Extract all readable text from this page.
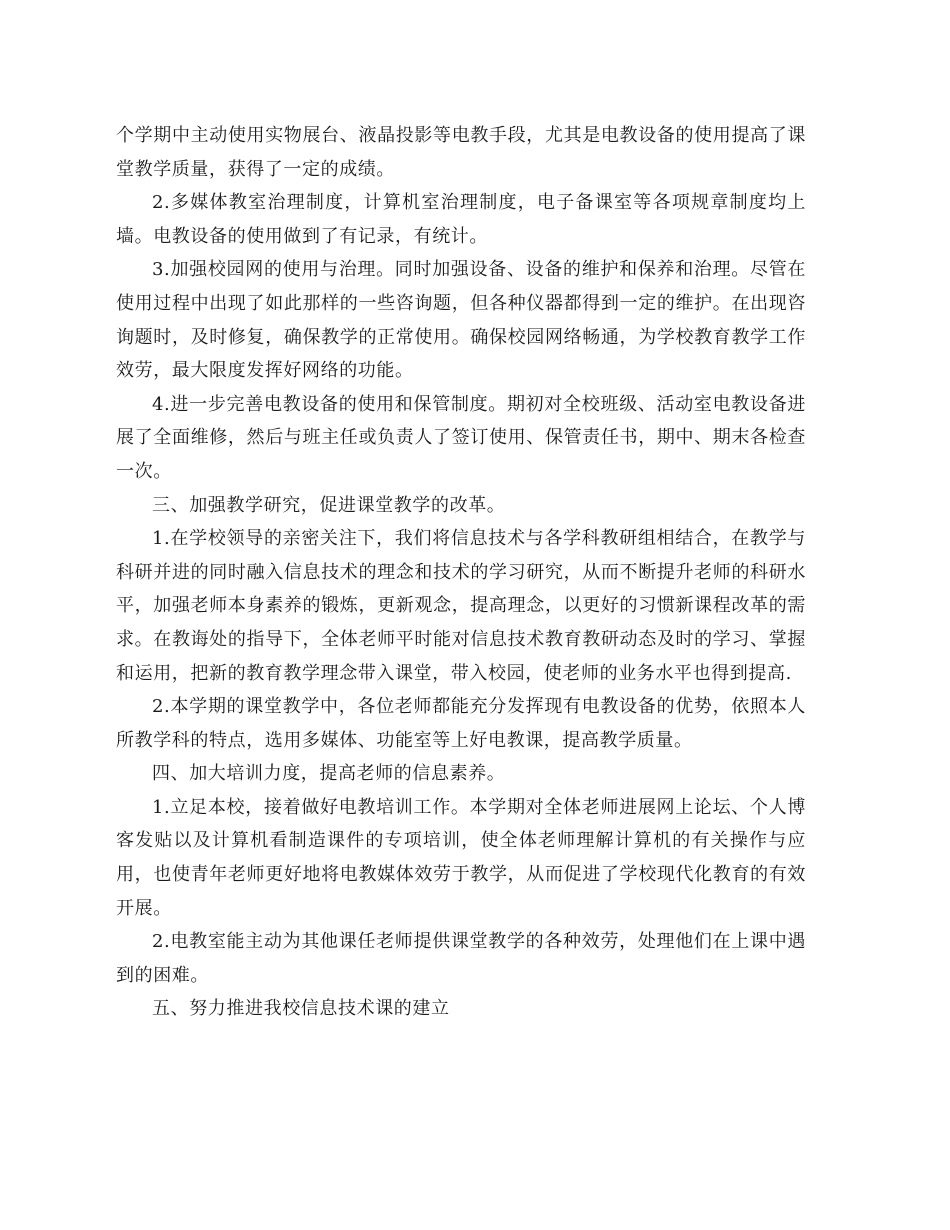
个学期中主动使用实物展台、液晶投影等电教手段，尤其是电教设备的使用提高了课堂教学质量，获得了一定的成绩。

2.多媒体教室治理制度，计算机室治理制度，电子备课室等各项规章制度均上墙。电教设备的使用做到了有记录，有统计。

3.加强校园网的使用与治理。同时加强设备、设备的维护和保养和治理。尽管在使用过程中出现了如此那样的一些咨询题，但各种仪器都得到一定的维护。在出现咨询题时，及时修复，确保教学的正常使用。确保校园网络畅通，为学校教育教学工作效劳，最大限度发挥好网络的功能。

4.进一步完善电教设备的使用和保管制度。期初对全校班级、活动室电教设备进展了全面维修，然后与班主任或负责人了签订使用、保管责任书，期中、期末各检查一次。

三、加强教学研究，促进课堂教学的改革。

1.在学校领导的亲密关注下，我们将信息技术与各学科教研组相结合，在教学与科研并进的同时融入信息技术的理念和技术的学习研究，从而不断提升老师的科研水平，加强老师本身素养的锻炼，更新观念，提高理念，以更好的习惯新课程改革的需求。在教诲处的指导下，全体老师平时能对信息技术教育教研动态及时的学习、掌握和运用，把新的教育教学理念带入课堂，带入校园，使老师的业务水平也得到提高.

2.本学期的课堂教学中，各位老师都能充分发挥现有电教设备的优势，依照本人所教学科的特点，选用多媒体、功能室等上好电教课，提高教学质量。

四、加大培训力度，提高老师的信息素养。

1.立足本校，接着做好电教培训工作。本学期对全体老师进展网上论坛、个人博客发贴以及计算机看制造课件的专项培训，使全体老师理解计算机的有关操作与应用，也使青年老师更好地将电教媒体效劳于教学，从而促进了学校现代化教育的有效开展。

2.电教室能主动为其他课任老师提供课堂教学的各种效劳，处理他们在上课中遇到的困难。

五、努力推进我校信息技术课的建立
